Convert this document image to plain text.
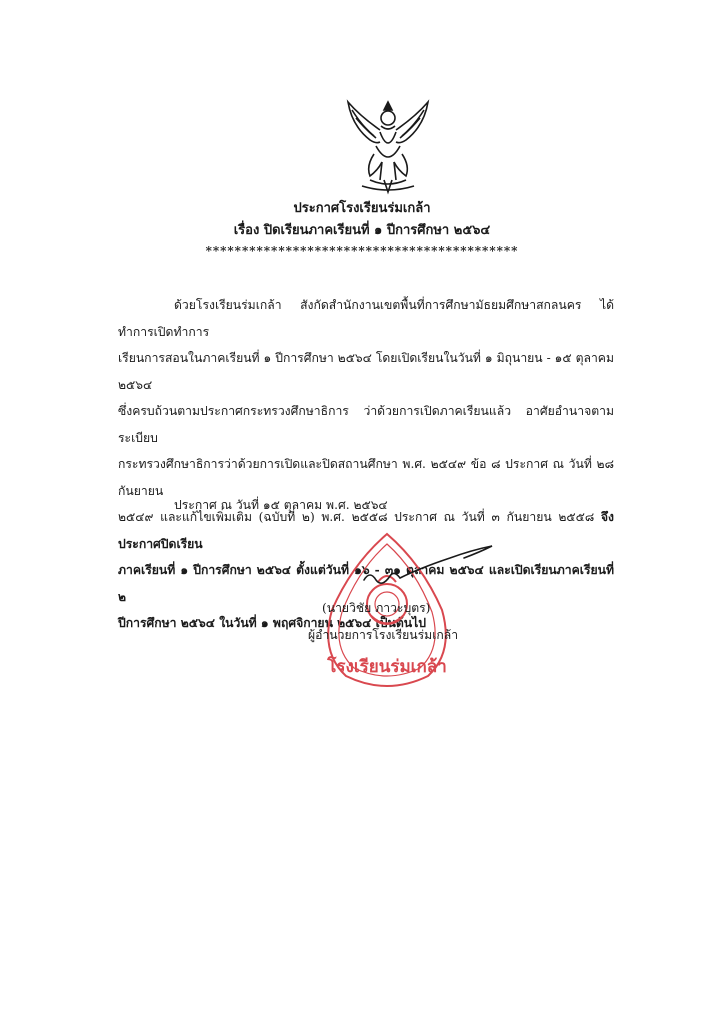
ประกาศโรงเรียนร่มเกล้า
เรื่อง ปิดเรียนภาคเรียนที่ ๑ ปีการศึกษา ๒๕๖๔
*******************************************

ด้วยโรงเรียนร่มเกล้า สังกัดสำนักงานเขตพื้นที่การศึกษามัธยมศึกษาสกลนคร ได้ทำการเปิดทำการ

เรียนการสอนในภาคเรียนที่ ๑ ปีการศึกษา ๒๕๖๔ โดยเปิดเรียนในวันที่ ๑ มิถุนายน - ๑๕ ตุลาคม ๒๕๖๔

ซึ่งครบถ้วนตามประกาศกระทรวงศึกษาธิการ ว่าด้วยการเปิดภาคเรียนแล้ว อาศัยอำนาจตามระเบียบ

กระทรวงศึกษาธิการว่าด้วยการเปิดและปิดสถานศึกษา พ.ศ. ๒๕๔๙ ข้อ ๘ ประกาศ ณ วันที่ ๒๘ กันยายน

๒๕๔๙ และแก้ไขเพิ่มเติม (ฉบับที่ ๒) พ.ศ. ๒๕๕๘ ประกาศ ณ วันที่ ๓ กันยายน ๒๕๕๘ จึงประกาศปิดเรียน

ภาคเรียนที่ ๑ ปีการศึกษา ๒๕๖๔ ตั้งแต่วันที่ ๑๖ - ๓๑ ตุลาคม ๒๕๖๔ และเปิดเรียนภาคเรียนที่ ๒

ปีการศึกษา ๒๕๖๔ ในวันที่ ๑ พฤศจิกายน ๒๕๖๔ เป็นต้นไป

ประกาศ ณ วันที่ ๑๕ ตุลาคม พ.ศ. ๒๕๖๔
โรงเรียนร่มเกล้า
(นายวิชัย ภาวะบุตร)
ผู้อำนวยการโรงเรียนร่มเกล้า
